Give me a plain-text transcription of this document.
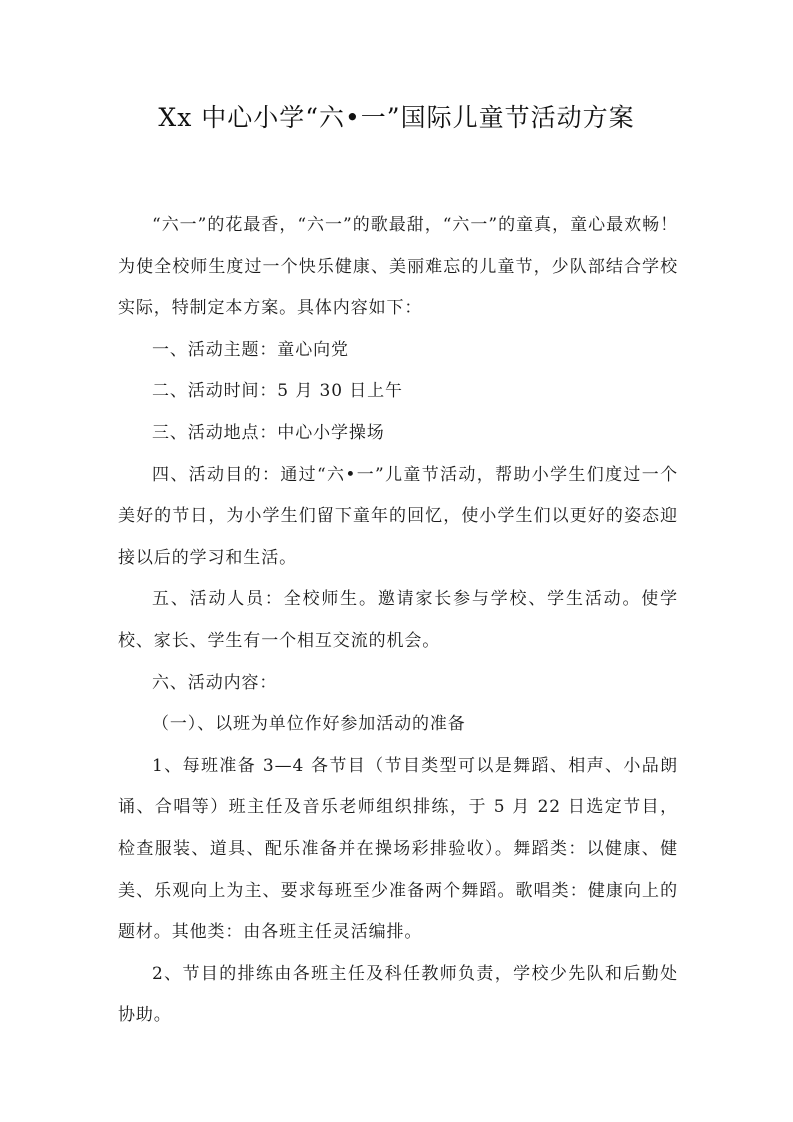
Xx 中心小学“六•一”国际儿童节活动方案

“六一”的花最香，“六一”的歌最甜，“六一”的童真，童心最欢畅！为使全校师生度过一个快乐健康、美丽难忘的儿童节，少队部结合学校实际，特制定本方案。具体内容如下：

一、活动主题：童心向党

二、活动时间：5 月 30 日上午

三、活动地点：中心小学操场

四、活动目的：通过“六•一”儿童节活动，帮助小学生们度过一个美好的节日，为小学生们留下童年的回忆，使小学生们以更好的姿态迎接以后的学习和生活。

五、活动人员：全校师生。邀请家长参与学校、学生活动。使学校、家长、学生有一个相互交流的机会。

六、活动内容：

（一）、以班为单位作好参加活动的准备

1、每班准备 3—4 各节目（节目类型可以是舞蹈、相声、小品朗诵、合唱等）班主任及音乐老师组织排练，于 5 月 22 日选定节目，检查服装、道具、配乐准备并在操场彩排验收）。舞蹈类：以健康、健美、乐观向上为主、要求每班至少准备两个舞蹈。歌唱类：健康向上的题材。其他类：由各班主任灵活编排。

2、节目的排练由各班主任及科任教师负责，学校少先队和后勤处协助。
